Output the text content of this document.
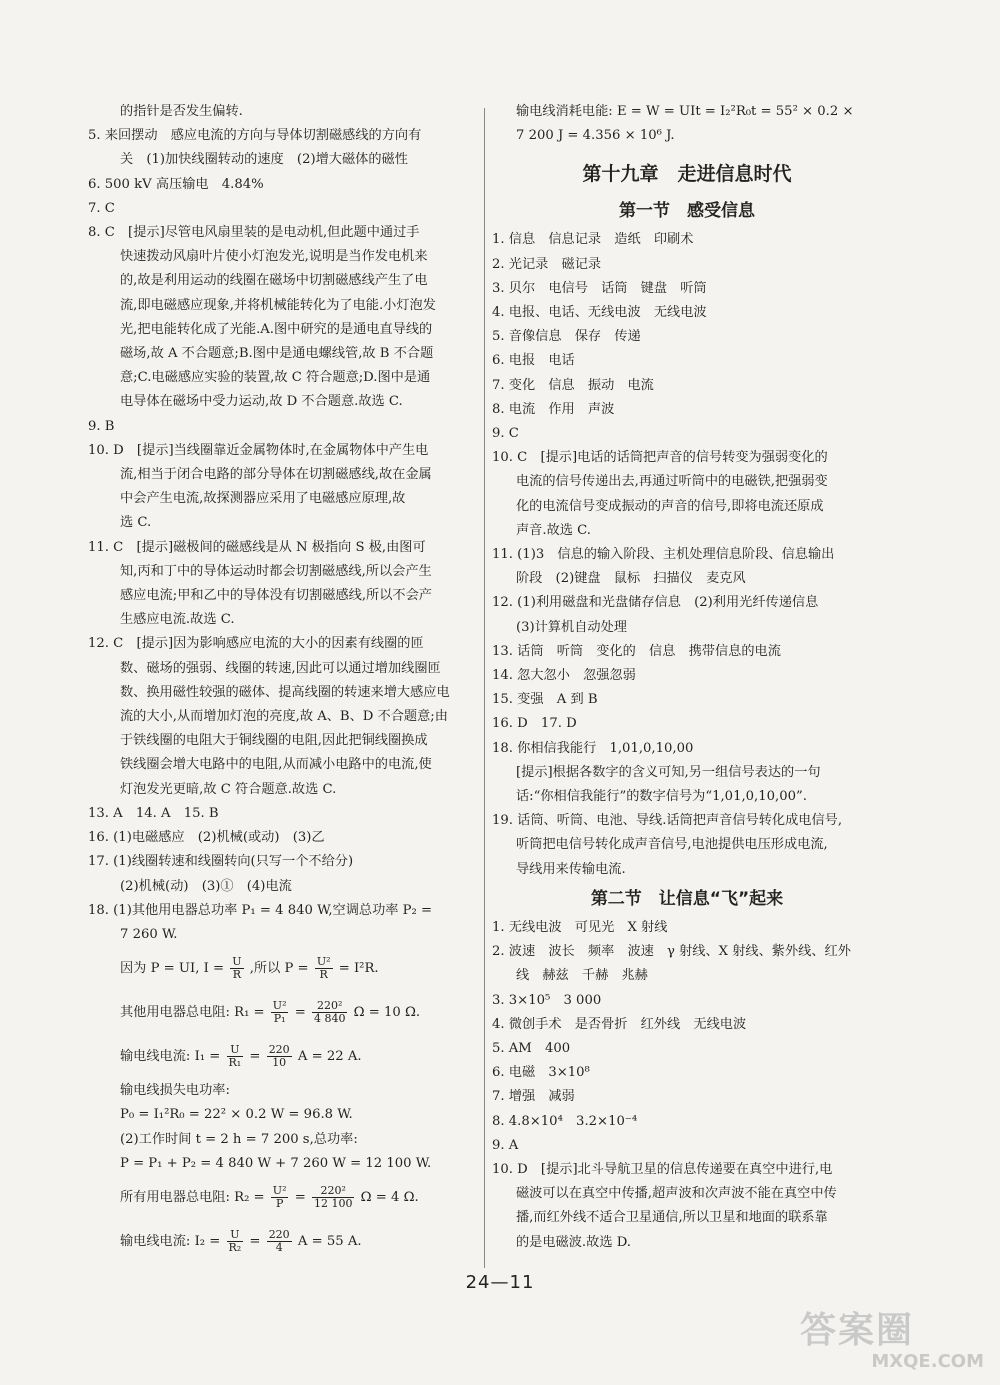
的指针是否发生偏转.
5. 来回摆动　感应电流的方向与导体切割磁感线的方向有
关　(1)加快线圈转动的速度　(2)增大磁体的磁性
6. 500 kV 高压输电　4.84%
7. C
8. C　[提示]尽管电风扇里装的是电动机,但此题中通过手
快速拨动风扇叶片使小灯泡发光,说明是当作发电机来
的,故是利用运动的线圈在磁场中切割磁感线产生了电
流,即电磁感应现象,并将机械能转化为了电能.小灯泡发
光,把电能转化成了光能.A.图中研究的是通电直导线的
磁场,故 A 不合题意;B.图中是通电螺线管,故 B 不合题
意;C.电磁感应实验的装置,故 C 符合题意;D.图中是通
电导体在磁场中受力运动,故 D 不合题意.故选 C.
9. B
10. D　[提示]当线圈靠近金属物体时,在金属物体中产生电
流,相当于闭合电路的部分导体在切割磁感线,故在金属
中会产生电流,故探测器应采用了电磁感应原理,故
选 C.
11. C　[提示]磁极间的磁感线是从 N 极指向 S 极,由图可
知,丙和丁中的导体运动时都会切割磁感线,所以会产生
感应电流;甲和乙中的导体没有切割磁感线,所以不会产
生感应电流.故选 C.
12. C　[提示]因为影响感应电流的大小的因素有线圈的匝
数、磁场的强弱、线圈的转速,因此可以通过增加线圈匝
数、换用磁性较强的磁体、提高线圈的转速来增大感应电
流的大小,从而增加灯泡的亮度,故 A、B、D 不合题意;由
于铁线圈的电阻大于铜线圈的电阻,因此把铜线圈换成
铁线圈会增大电路中的电阻,从而减小电路中的电流,使
灯泡发光更暗,故 C 符合题意.故选 C.
13. A　14. A　15. B
16. (1)电磁感应　(2)机械(或动)　(3)乙
17. (1)线圈转速和线圈转向(只写一个不给分)
(2)机械(动)　(3)①　(4)电流
18. (1)其他用电器总功率 P₁ = 4 840 W,空调总功率 P₂ =
7 260 W.
因为 P = UI, $I = \frac{U}{R}$ ,所以 $P = \frac{\text{U²}}{R} = I^2R$.
其他用电器总电阻: $R_1 = \frac{\text{U²}}{\text{P₁}} = \frac{\text{220²}}{4 840}$ Ω = 10 Ω.
输电线电流: $I_1 = \frac{U}{\text{R₁}} = \frac{220}{10}$ A = 22 A.
输电线损失电功率:
P₀ = I₁²R₀ = 22² × 0.2 W = 96.8 W.
(2)工作时间 t = 2 h = 7 200 s,总功率:
P = P₁ + P₂ = 4 840 W + 7 260 W = 12 100 W.
所有用电器总电阻: $R_2 = \frac{\text{U²}}{P} = \frac{\text{220²}}{12 100}$ Ω = 4 Ω.
输电线电流: $I_2 = \frac{U}{\text{R₂}} = \frac{220}{4}$ A = 55 A.
输电线消耗电能: E = W = UIt = I₂²R₀t = 55² × 0.2 ×
7 200 J = 4.356 × 10⁶ J.
第十九章　走进信息时代
第一节　感受信息
1. 信息　信息记录　造纸　印刷术
2. 光记录　磁记录
3. 贝尔　电信号　话筒　键盘　听筒
4. 电报、电话、无线电波　无线电波
5. 音像信息　保存　传递
6. 电报　电话
7. 变化　信息　振动　电流
8. 电流　作用　声波
9. C
10. C　[提示]电话的话筒把声音的信号转变为强弱变化的
电流的信号传递出去,再通过听筒中的电磁铁,把强弱变
化的电流信号变成振动的声音的信号,即将电流还原成
声音.故选 C.
11. (1)3　信息的输入阶段、主机处理信息阶段、信息输出
阶段　(2)键盘　鼠标　扫描仪　麦克风
12. (1)利用磁盘和光盘储存信息　(2)利用光纤传递信息
(3)计算机自动处理
13. 话筒　听筒　变化的　信息　携带信息的电流
14. 忽大忽小　忽强忽弱
15. 变强　A 到 B
16. D　17. D
18. 你相信我能行　1,01,0,10,00
[提示]根据各数字的含义可知,另一组信号表达的一句
话:“你相信我能行”的数字信号为“1,01,0,10,00”.
19. 话筒、听筒、电池、导线.话筒把声音信号转化成电信号,
听筒把电信号转化成声音信号,电池提供电压形成电流,
导线用来传输电流.
第二节　让信息“飞”起来
1. 无线电波　可见光　X 射线
2. 波速　波长　频率　波速　γ 射线、X 射线、紫外线、红外
线　赫兹　千赫　兆赫
3. 3×10⁵　3 000
4. 微创手术　是否骨折　红外线　无线电波
5. AM　400
6. 电磁　3×10⁸
7. 增强　减弱
8. 4.8×10⁴　3.2×10⁻⁴
9. A
10. D　[提示]北斗导航卫星的信息传递要在真空中进行,电
磁波可以在真空中传播,超声波和次声波不能在真空中传
播,而红外线不适合卫星通信,所以卫星和地面的联系靠
的是电磁波.故选 D.
24—11
答案圈
MXQE.COM
